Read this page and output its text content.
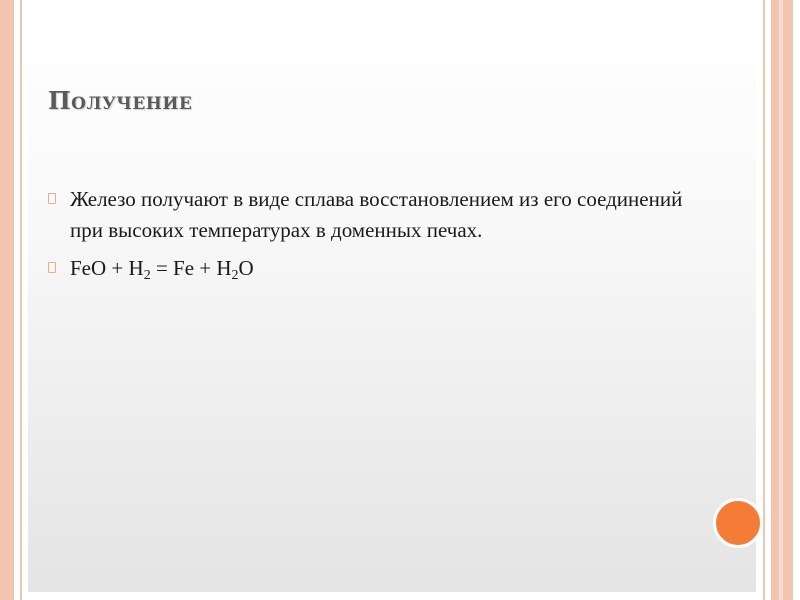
Получение
Железо получают в виде сплава восстановлением из его соединений при высоких температурах в доменных печах.
FeO + $H_2 = Fe + H_2O$
